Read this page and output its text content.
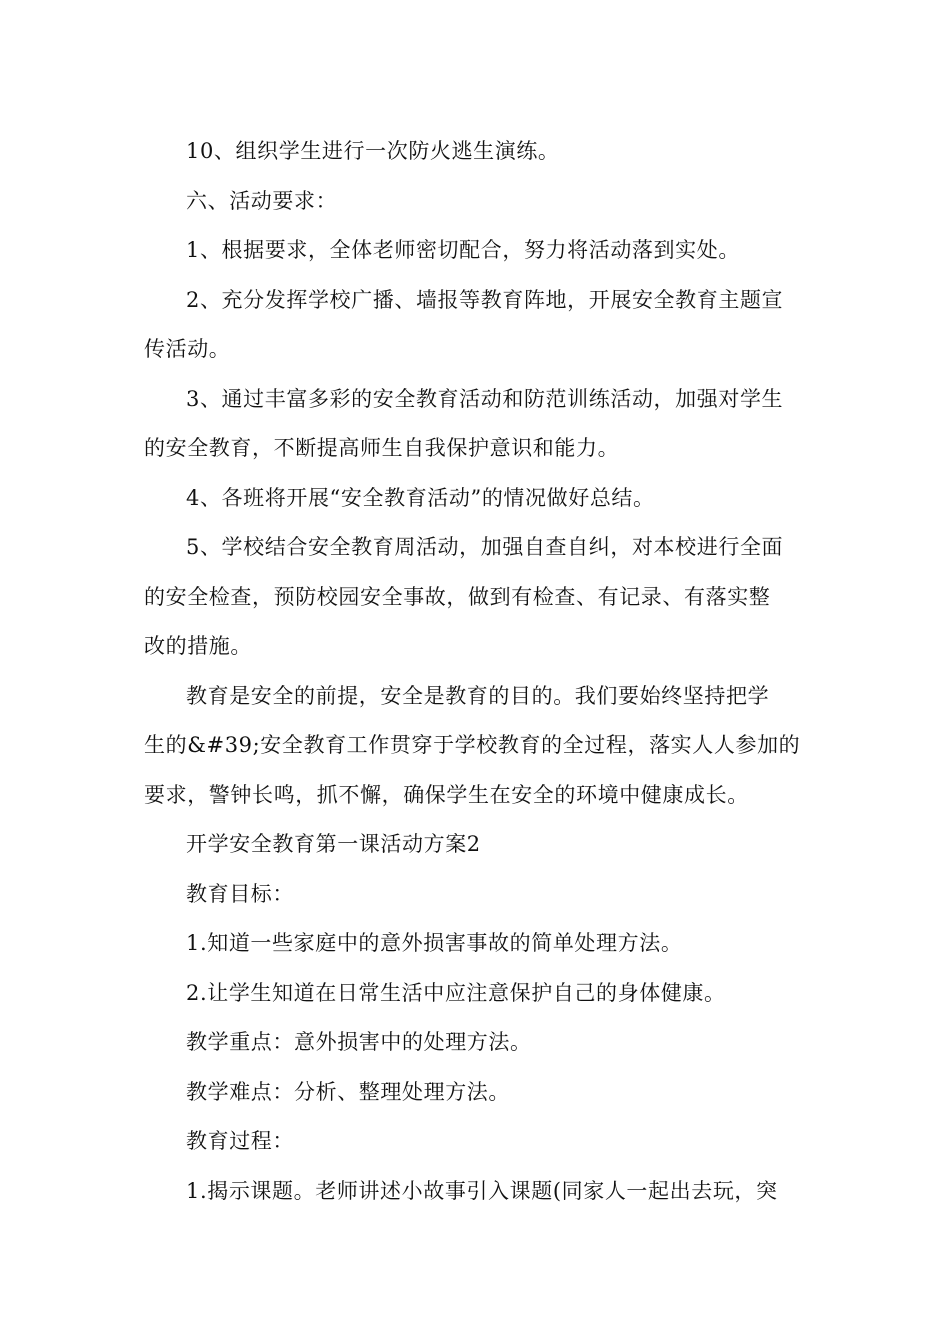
10、组织学生进行一次防火逃生演练。

六、活动要求：

1、根据要求，全体老师密切配合，努力将活动落到实处。

2、充分发挥学校广播、墙报等教育阵地，开展安全教育主题宣
传活动。

3、通过丰富多彩的安全教育活动和防范训练活动，加强对学生
的安全教育，不断提高师生自我保护意识和能力。

4、各班将开展“安全教育活动”的情况做好总结。

5、学校结合安全教育周活动，加强自查自纠，对本校进行全面
的安全检查，预防校园安全事故，做到有检查、有记录、有落实整
改的措施。

教育是安全的前提，安全是教育的目的。我们要始终坚持把学
生的&#39;安全教育工作贯穿于学校教育的全过程，落实人人参加的
要求，警钟长鸣，抓不懈，确保学生在安全的环境中健康成长。

开学安全教育第一课活动方案2

教育目标：

1.知道一些家庭中的意外损害事故的简单处理方法。

2.让学生知道在日常生活中应注意保护自己的身体健康。

教学重点：意外损害中的处理方法。

教学难点：分析、整理处理方法。

教育过程：

1.揭示课题。老师讲述小故事引入课题(同家人一起出去玩，突
